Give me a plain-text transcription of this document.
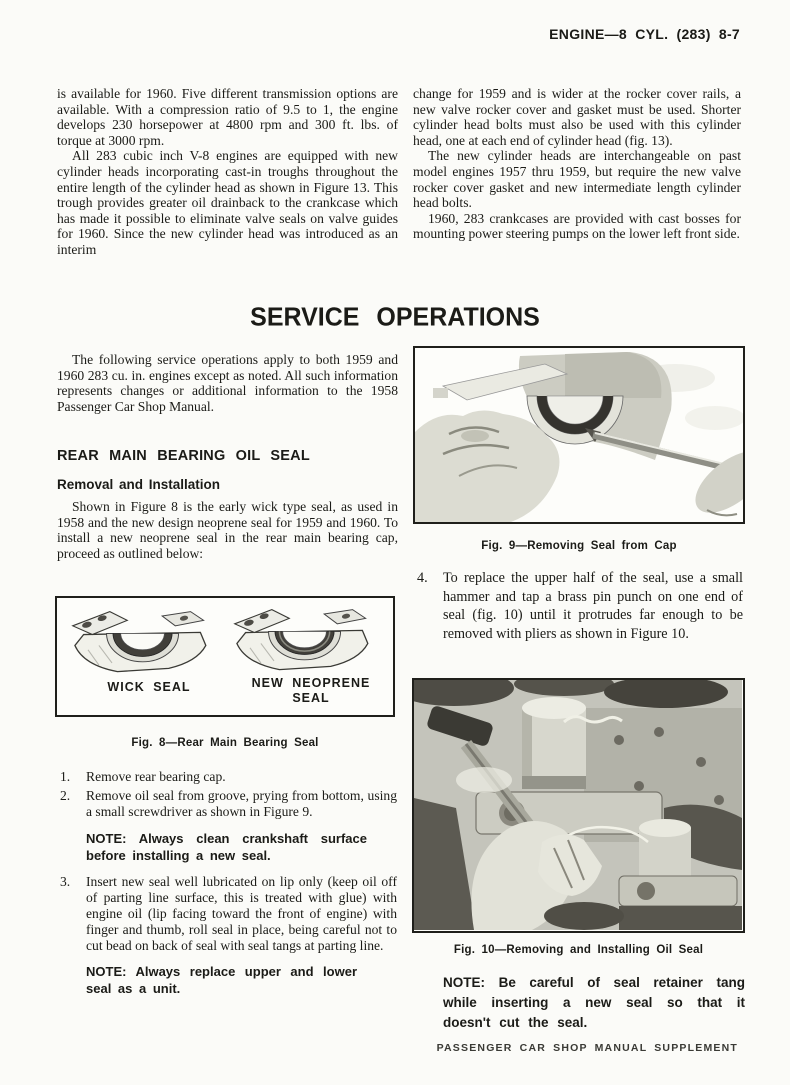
ENGINE—8 CYL. (283) 8-7

is available for 1960. Five different transmission options are available. With a compression ratio of 9.5 to 1, the engine develops 230 horsepower at 4800 rpm and 300 ft. lbs. of torque at 3000 rpm.

All 283 cubic inch V-8 engines are equipped with new cylinder heads incorporating cast-in troughs throughout the entire length of the cylinder head as shown in Figure 13. This trough provides greater oil drainback to the crankcase which has made it possible to eliminate valve seals on valve guides for 1960. Since the new cylinder head was introduced as an interim

change for 1959 and is wider at the rocker cover rails, a new valve rocker cover and gasket must be used. Shorter cylinder head bolts must also be used with this cylinder head, one at each end of cylinder head (fig. 13).

The new cylinder heads are interchangeable on past model engines 1957 thru 1959, but require the new valve rocker cover gasket and new intermediate length cylinder head bolts.

1960, 283 crankcases are provided with cast bosses for mounting power steering pumps on the lower left front side.

SERVICE OPERATIONS

The following service operations apply to both 1959 and 1960 283 cu. in. engines except as noted. All such information represents changes or additional information to the 1958 Passenger Car Shop Manual.

REAR MAIN BEARING OIL SEAL
Removal and Installation

Shown in Figure 8 is the early wick type seal, as used in 1958 and the new design neoprene seal for 1959 and 1960. To install a new neoprene seal in the rear main bearing cap, proceed as outlined below:

WICK SEAL	NEW NEOPRENE SEAL
Fig. 8—Rear Main Bearing Seal
1.	Remove rear bearing cap.
2.	Remove oil seal from groove, prying from bottom, using a small screwdriver as shown in Figure 9.
NOTE: Always clean crankshaft surface before installing a new seal.
3.	Insert new seal well lubricated on lip only (keep oil off of parting line surface, this is treated with glue) with engine oil (lip facing toward the front of engine) with finger and thumb, roll seal in place, being careful not to cut bead on back of seal with seal tangs at parting line.
NOTE: Always replace upper and lower seal as a unit.
Fig. 9—Removing Seal from Cap
4.	To replace the upper half of the seal, use a small hammer and tap a brass pin punch on one end of seal (fig. 10) until it protrudes far enough to be removed with pliers as shown in Figure 10.
Fig. 10—Removing and Installing Oil Seal
NOTE: Be careful of seal retainer tang while inserting a new seal so that it doesn't cut the seal.
PASSENGER CAR SHOP MANUAL SUPPLEMENT
